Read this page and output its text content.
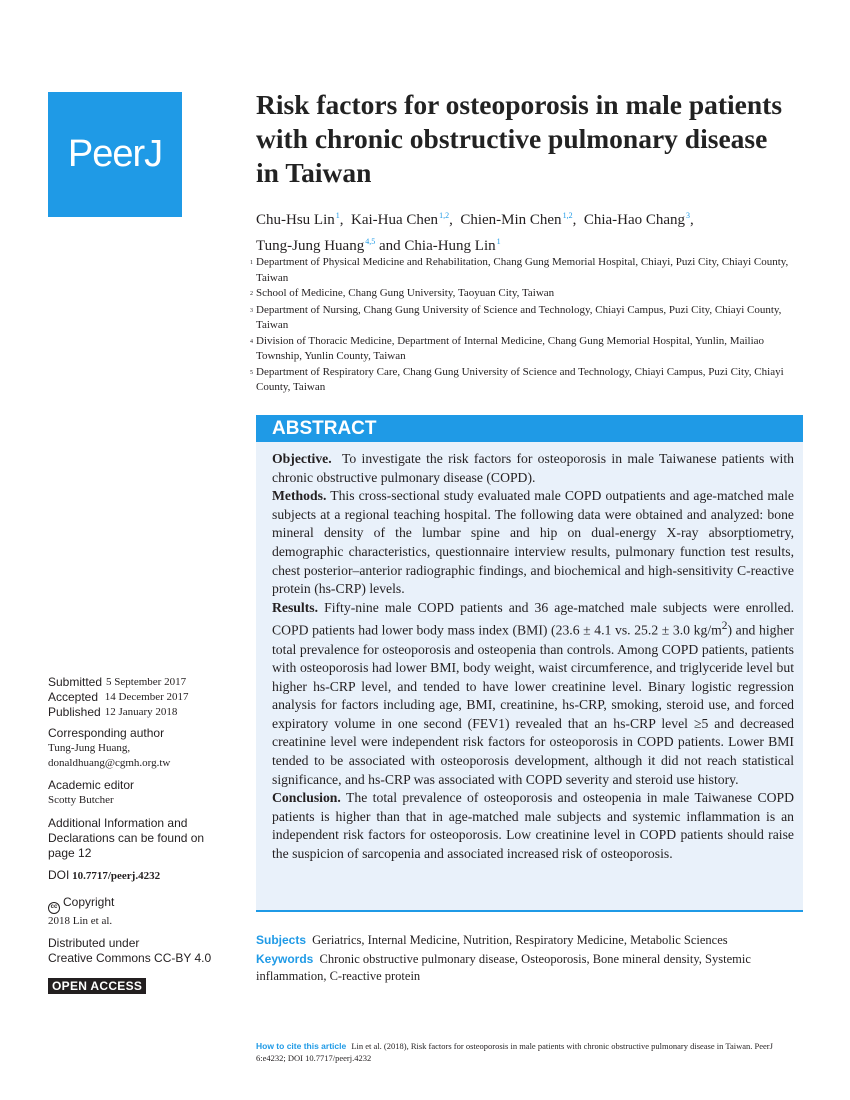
PeerJ
Risk factors for osteoporosis in male patients with chronic obstructive pulmonary disease in Taiwan
Chu-Hsu Lin$^1$,  Kai-Hua Chen$^{1,2}$,  Chien-Min Chen$^{1,2}$,  Chia-Hao Chang$^3$, Tung-Jung Huang$^{4,5}$ and Chia-Hung Lin$^1$
1 Department of Physical Medicine and Rehabilitation, Chang Gung Memorial Hospital, Chiayi, Puzi City, Chiayi County, Taiwan
2 School of Medicine, Chang Gung University, Taoyuan City, Taiwan
3 Department of Nursing, Chang Gung University of Science and Technology, Chiayi Campus, Puzi City, Chiayi County, Taiwan
4 Division of Thoracic Medicine, Department of Internal Medicine, Chang Gung Memorial Hospital, Yunlin, Mailiao Township, Yunlin County, Taiwan
5 Department of Respiratory Care, Chang Gung University of Science and Technology, Chiayi Campus, Puzi City, Chiayi County, Taiwan
ABSTRACT

Objective. To investigate the risk factors for osteoporosis in male Taiwanese patients with chronic obstructive pulmonary disease (COPD).

Methods. This cross-sectional study evaluated male COPD outpatients and age-matched male subjects at a regional teaching hospital. The following data were obtained and analyzed: bone mineral density of the lumbar spine and hip on dual-energy X-ray absorptiometry, demographic characteristics, questionnaire interview results, pulmonary function test results, chest posterior–anterior radiographic findings, and biochemical and high-sensitivity C-reactive protein (hs-CRP) levels.

Results. Fifty-nine male COPD patients and 36 age-matched male subjects were enrolled. COPD patients had lower body mass index (BMI) (23.6 ± 4.1 vs. 25.2 ± 3.0 $kg/m^2$) and higher total prevalence for osteoporosis and osteopenia than controls. Among COPD patients, patients with osteoporosis had lower BMI, body weight, waist circumference, and triglyceride level but higher hs-CRP level, and tended to have lower creatinine level. Binary logistic regression analysis for factors including age, BMI, creatinine, hs-CRP, smoking, steroid use, and forced expiratory volume in one second (FEV1) revealed that an hs-CRP level ≥5 and decreased creatinine level were independent risk factors for osteoporosis in COPD patients. Lower BMI tended to be associated with osteoporosis development, although it did not reach statistical significance, and hs-CRP was associated with COPD severity and steroid use history.

Conclusion. The total prevalence of osteoporosis and osteopenia in male Taiwanese COPD patients is higher than that in age-matched male subjects and systemic inflammation is an independent risk factors for osteoporosis. Low creatinine level in COPD patients should raise the suspicion of sarcopenia and associated increased risk of osteoporosis.

Submitted 5 September 2017
Accepted
14 December 2017
Published 12 January 2018
Corresponding author
Tung-Jung Huang,
donaldhuang@cgmh.org.tw
Academic editor
Scotty Butcher
Additional Information and Declarations can be found on page 12
DOI 10.7717/peerj.4232
cc Copyright
2018 Lin et al.
Distributed under
Creative Commons CC-BY 4.0
OPEN ACCESS
Subjects Geriatrics, Internal Medicine, Nutrition, Respiratory Medicine, Metabolic Sciences
Keywords Chronic obstructive pulmonary disease, Osteoporosis, Bone mineral density, Systemic inflammation, C-reactive protein
How to cite this article Lin et al. (2018), Risk factors for osteoporosis in male patients with chronic obstructive pulmonary disease in Taiwan. PeerJ 6:e4232; DOI 10.7717/peerj.4232
